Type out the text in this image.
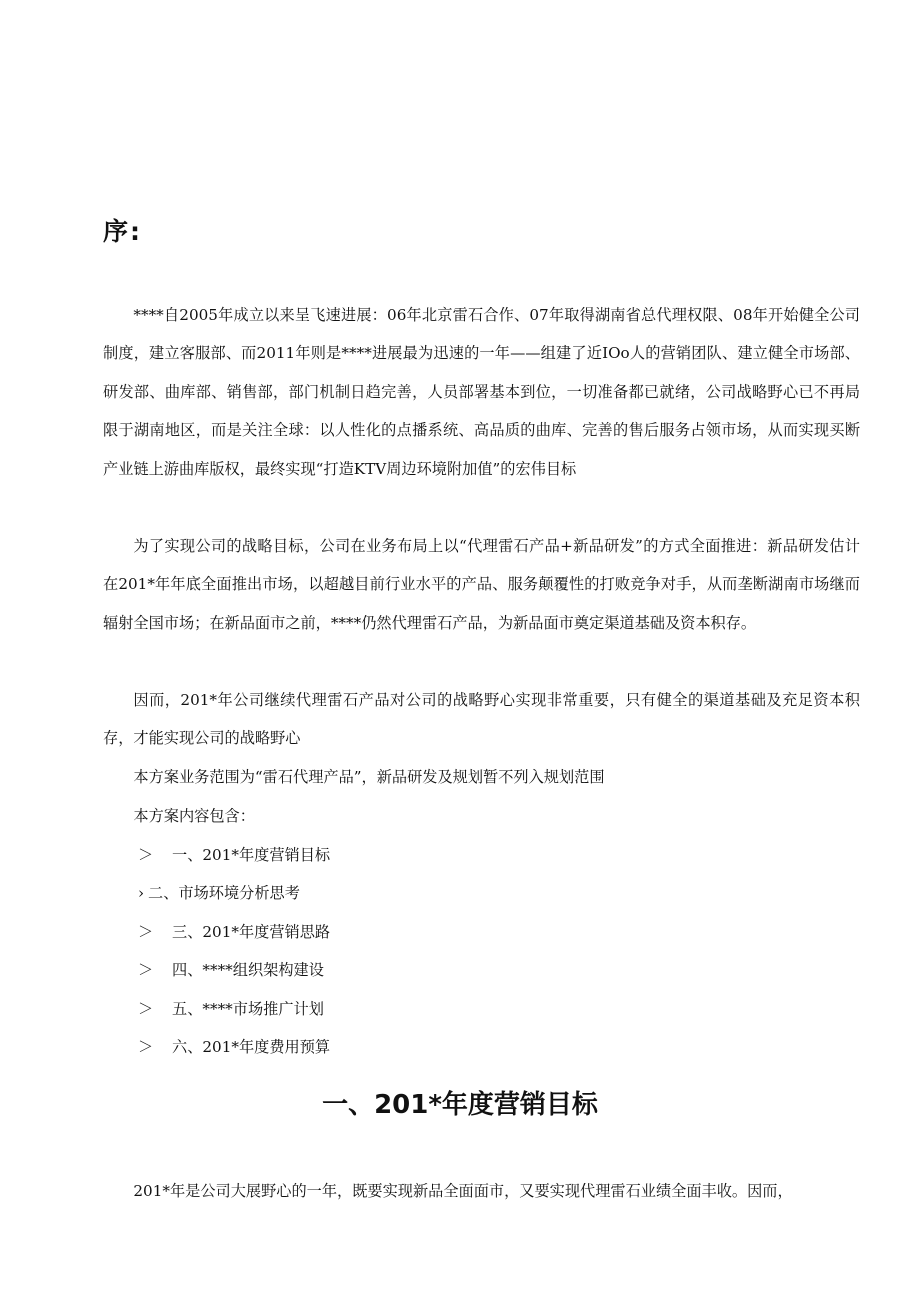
序:

****自2005年成立以来呈飞速进展：06年北京雷石合作、07年取得湖南省总代理权限、08年开始健全公司制度，建立客服部、而2011年则是****进展最为迅速的一年——组建了近IOo人的营销团队、建立健全市场部、研发部、曲库部、销售部，部门机制日趋完善，人员部署基本到位，一切准备都已就绪，公司战略野心已不再局限于湖南地区，而是关注全球：以人性化的点播系统、高品质的曲库、完善的售后服务占领市场，从而实现买断产业链上游曲库版权，最终实现“打造KTV周边环境附加值”的宏伟目标

为了实现公司的战略目标，公司在业务布局上以“代理雷石产品+新品研发”的方式全面推进：新品研发估计在201*年年底全面推出市场，以超越目前行业水平的产品、服务颠覆性的打败竞争对手，从而垄断湖南市场继而辐射全国市场；在新品面市之前，****仍然代理雷石产品，为新品面市奠定渠道基础及资本积存。

因而，201*年公司继续代理雷石产品对公司的战略野心实现非常重要，只有健全的渠道基础及充足资本积存，才能实现公司的战略野心

本方案业务范围为“雷石代理产品”，新品研发及规划暂不列入规划范围

本方案内容包含：

＞ 一、201*年度营销目标
› 二、市场环境分析思考
＞ 三、201*年度营销思路
＞ 四、****组织架构建设
＞ 五、****市场推广计划
＞ 六、201*年度费用预算
一、201*年度营销目标

201*年是公司大展野心的一年，既要实现新品全面面市，又要实现代理雷石业绩全面丰收。因而，
